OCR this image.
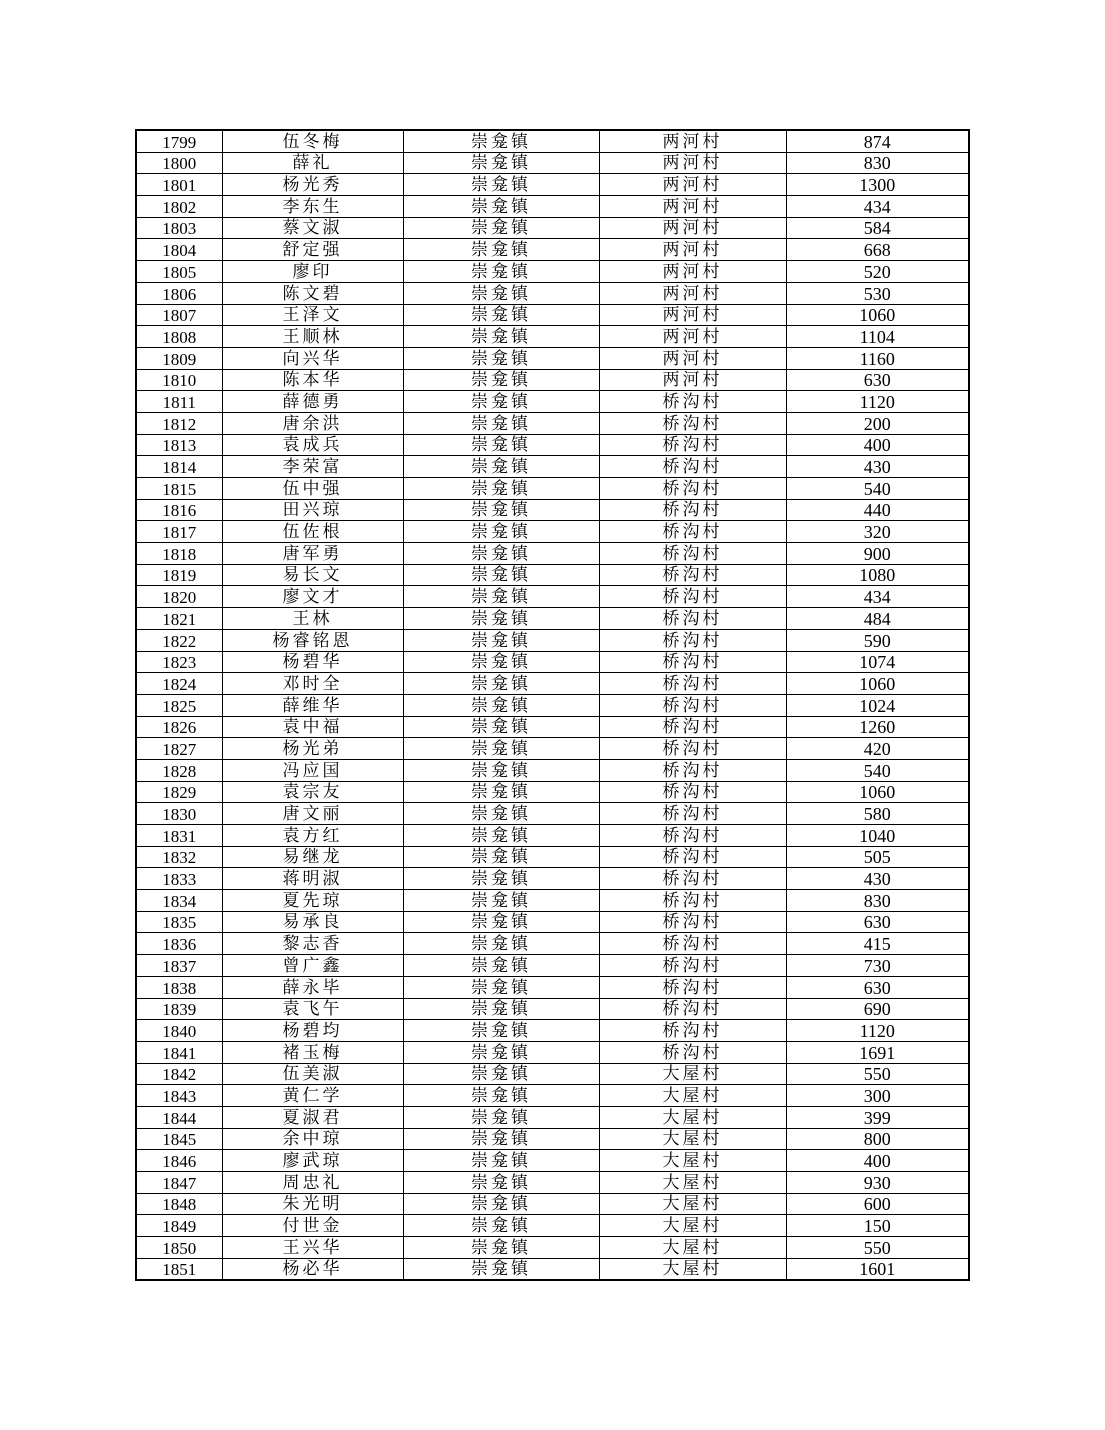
1799	伍冬梅	崇龛镇	两河村	874
1800	薛礼	崇龛镇	两河村	830
1801	杨光秀	崇龛镇	两河村	1300
1802	李东生	崇龛镇	两河村	434
1803	蔡文淑	崇龛镇	两河村	584
1804	舒定强	崇龛镇	两河村	668
1805	廖印	崇龛镇	两河村	520
1806	陈文碧	崇龛镇	两河村	530
1807	王泽文	崇龛镇	两河村	1060
1808	王顺林	崇龛镇	两河村	1104
1809	向兴华	崇龛镇	两河村	1160
1810	陈本华	崇龛镇	两河村	630
1811	薛德勇	崇龛镇	桥沟村	1120
1812	唐余洪	崇龛镇	桥沟村	200
1813	袁成兵	崇龛镇	桥沟村	400
1814	李荣富	崇龛镇	桥沟村	430
1815	伍中强	崇龛镇	桥沟村	540
1816	田兴琼	崇龛镇	桥沟村	440
1817	伍佐根	崇龛镇	桥沟村	320
1818	唐军勇	崇龛镇	桥沟村	900
1819	易长文	崇龛镇	桥沟村	1080
1820	廖文才	崇龛镇	桥沟村	434
1821	王林	崇龛镇	桥沟村	484
1822	杨睿铭恩	崇龛镇	桥沟村	590
1823	杨碧华	崇龛镇	桥沟村	1074
1824	邓时全	崇龛镇	桥沟村	1060
1825	薛维华	崇龛镇	桥沟村	1024
1826	袁中福	崇龛镇	桥沟村	1260
1827	杨光弟	崇龛镇	桥沟村	420
1828	冯应国	崇龛镇	桥沟村	540
1829	袁宗友	崇龛镇	桥沟村	1060
1830	唐文丽	崇龛镇	桥沟村	580
1831	袁方红	崇龛镇	桥沟村	1040
1832	易继龙	崇龛镇	桥沟村	505
1833	蒋明淑	崇龛镇	桥沟村	430
1834	夏先琼	崇龛镇	桥沟村	830
1835	易承良	崇龛镇	桥沟村	630
1836	黎志香	崇龛镇	桥沟村	415
1837	曾广鑫	崇龛镇	桥沟村	730
1838	薛永毕	崇龛镇	桥沟村	630
1839	袁飞午	崇龛镇	桥沟村	690
1840	杨碧均	崇龛镇	桥沟村	1120
1841	褚玉梅	崇龛镇	桥沟村	1691
1842	伍美淑	崇龛镇	大屋村	550
1843	黄仁学	崇龛镇	大屋村	300
1844	夏淑君	崇龛镇	大屋村	399
1845	余中琼	崇龛镇	大屋村	800
1846	廖武琼	崇龛镇	大屋村	400
1847	周忠礼	崇龛镇	大屋村	930
1848	朱光明	崇龛镇	大屋村	600
1849	付世金	崇龛镇	大屋村	150
1850	王兴华	崇龛镇	大屋村	550
1851	杨必华	崇龛镇	大屋村	1601
